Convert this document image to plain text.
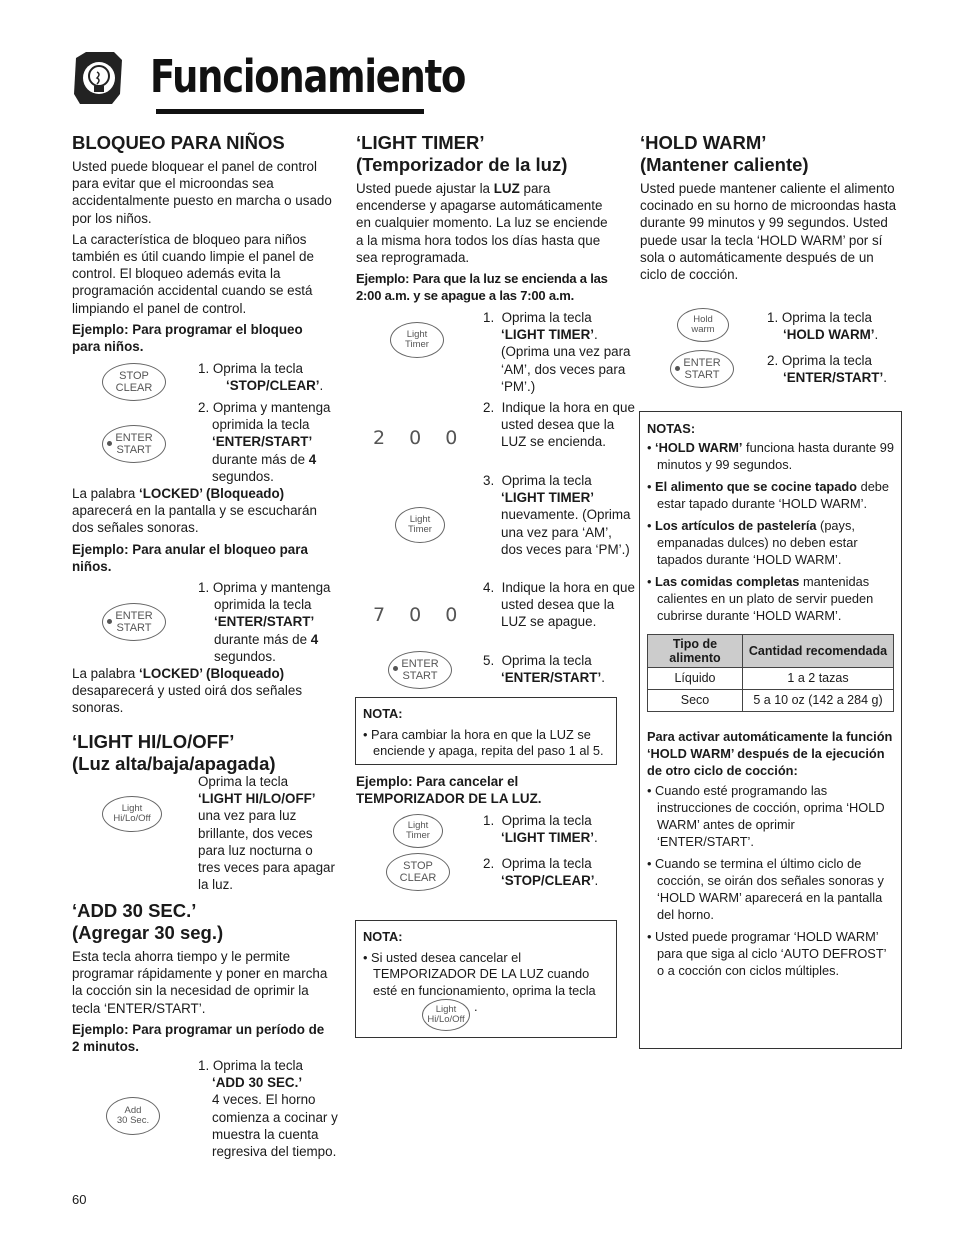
Funcionamiento

BLOQUEO PARA NIÑOS

Usted puede bloquear el panel de control para evitar que el microondas sea accidentalmente puesto en marcha o usado por los niños.

La característica de bloqueo para niños también es útil cuando limpie el panel de control. El bloqueo además evita la programación accidental cuando se está limpiando el panel de control.

Ejemplo: Para programar el bloqueo para niños.

STOP
CLEAR
1. Oprima la tecla
‘STOP/CLEAR’.
ENTER
START
2. Oprima y mantenga oprimida la tecla ‘ENTER/START’ durante más de 4 segundos.

La palabra ‘LOCKED’ (Bloqueado) aparecerá en la pantalla y se escucharán dos señales sonoras.

Ejemplo: Para anular el bloqueo para niños.

ENTER
START
1. Oprima y mantenga oprimida la tecla ‘ENTER/START’ durante más de 4 segundos.

La palabra ‘LOCKED’ (Bloqueado) desaparecerá y usted oirá dos señales sonoras.

‘LIGHT HI/LO/OFF’

(Luz alta/baja/apagada)

Light
Hi/Lo/Off
Oprima la tecla
‘LIGHT HI/LO/OFF’ una vez para luz brillante, dos veces para luz nocturna o tres veces para apagar la luz.

‘ADD 30 SEC.’

(Agregar 30 seg.)

Esta tecla ahorra tiempo y le permite programar rápidamente y poner en marcha la cocción sin la necesidad de oprimir la tecla ‘ENTER/START’.

Ejemplo: Para programar un período de 2 minutos.

Add
30 Sec.
1. Oprima la tecla
‘ADD 30 SEC.’
4 veces. El horno comienza a cocinar y muestra la cuenta regresiva del tiempo.
60

‘LIGHT TIMER’

(Temporizador de la luz)

Usted puede ajustar la LUZ para encenderse y apagarse automáticamente en cualquier momento. La luz se enciende a la misma hora todos los días hasta que sea reprogramada.

Ejemplo: Para que la luz se encienda a las 2:00 a.m. y se apague a las 7:00 a.m.

Light
Timer
1. Oprima la tecla ‘LIGHT TIMER’. (Oprima una vez para ‘AM’, dos veces para ‘PM’.)
2 0 0
2. Indique la hora en que usted desea que la LUZ se encienda.
Light
Timer
3. Oprima la tecla ‘LIGHT TIMER’ nuevamente. (Oprima una vez para ‘AM’, dos veces para ‘PM’.)
7 0 0
4. Indique la hora en que usted desea que la LUZ se apague.
ENTER
START
5. Oprima la tecla
‘ENTER/START’.
NOTA:
• Para cambiar la hora en que la LUZ se enciende y apaga, repita del paso 1 al 5.
Ejemplo: Para cancelar el TEMPORIZADOR DE LA LUZ.
Light
Timer
1. Oprima la tecla
‘LIGHT TIMER’.
STOP
CLEAR
2. Oprima la tecla
‘STOP/CLEAR’.
NOTA:
• Si usted desea cancelar el TEMPORIZADOR DE LA LUZ cuando esté en funcionamiento, oprima la tecla
Light
Hi/Lo/Off
.

‘HOLD WARM’

(Mantener caliente)

Usted puede mantener caliente el alimento cocinado en su horno de microondas hasta durante 99 minutos y 99 segundos. Usted puede usar la tecla ‘HOLD WARM’ por sí sola o automáticamente después de un ciclo de cocción.

Hold
warm
1. Oprima la tecla
‘HOLD WARM’.
ENTER
START
2. Oprima la tecla
‘ENTER/START’.
NOTAS:
• ‘HOLD WARM’ funciona hasta durante 99 minutos y 99 segundos.
• El alimento que se cocine tapado debe estar tapado durante ‘HOLD WARM’.
• Los artículos de pastelería (pays, empanadas dulces) no deben estar tapados durante ‘HOLD WARM’.
• Las comidas completas mantenidas calientes en un plato de servir pueden cubrirse durante ‘HOLD WARM’.
Tipo de alimento	Cantidad recomendada
Líquido	1 a 2 tazas
Seco	5 a 10 oz (142 a 284 g)
Para activar automáticamente la función ‘HOLD WARM’ después de la ejecución de otro ciclo de cocción:
• Cuando esté programando las instrucciones de cocción, oprima ‘HOLD WARM’ antes de oprimir ‘ENTER/START’.
• Cuando se termina el último ciclo de cocción, se oirán dos señales sonoras y ‘HOLD WARM’ aparecerá en la pantalla del horno.
• Usted puede programar ‘HOLD WARM’ para que siga al ciclo ‘AUTO DEFROST’ o a cocción con ciclos múltiples.
